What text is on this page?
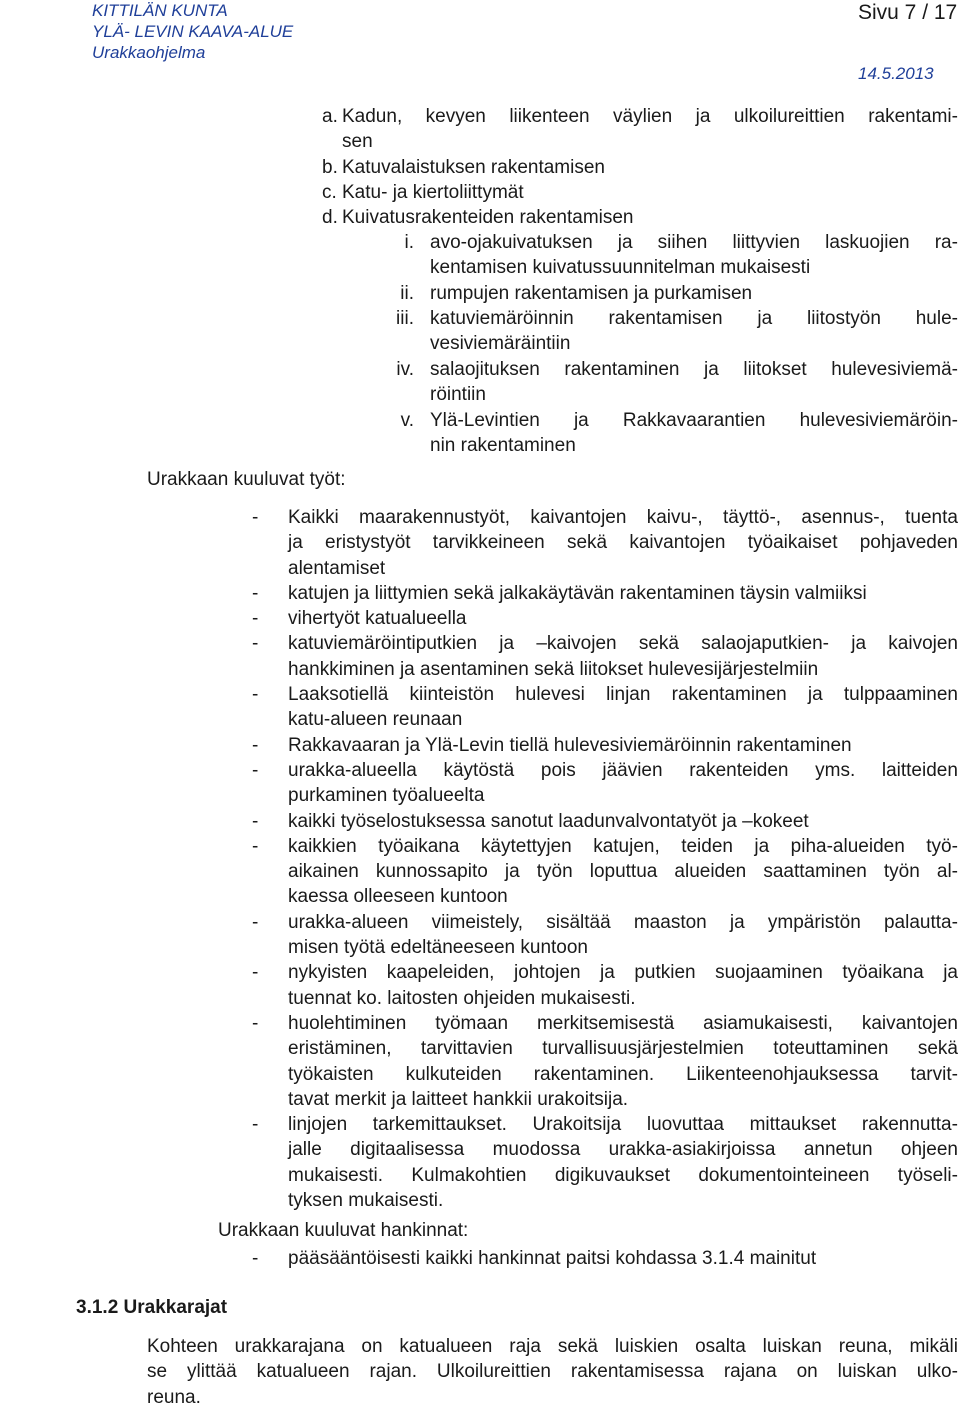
KITTILÄN KUNTA
YLÄ- LEVIN KAAVA-ALUE
Urakkaohjelma
Sivu 7 / 17
14.5.2013
a. Kadun, kevyen liikenteen väylien ja ulkoilureittien rakentami-
sen
b. Katuvalaistuksen rakentamisen
c. Katu- ja kiertoliittymät
d. Kuivatusrakenteiden rakentamisen
i. avo-ojakuivatuksen ja siihen liittyvien laskuojien ra-
kentamisen kuivatussuunnitelman mukaisesti
ii. rumpujen rakentamisen ja purkamisen
iii. katuviemäröinnin rakentamisen ja liitostyön hule-
vesiviemäräintiin
iv. salaojituksen rakentaminen ja liitokset hulevesiviemä-
röintiin
v. Ylä-Levintien ja Rakkavaarantien hulevesiviemäröin-
nin rakentaminen
Urakkaan kuuluvat työt:
- Kaikki maarakennustyöt, kaivantojen kaivu-, täyttö-, asennus-, tuenta
ja eristystyöt tarvikkeineen sekä kaivantojen työaikaiset pohjaveden
alentamiset
- katujen ja liittymien sekä jalkakäytävän rakentaminen täysin valmiiksi
- vihertyöt katualueella
- katuviemäröintiputkien ja –kaivojen sekä salaojaputkien- ja kaivojen
hankkiminen ja asentaminen sekä liitokset hulevesijärjestelmiin
- Laaksotiellä kiinteistön hulevesi linjan rakentaminen ja tulppaaminen
katu-alueen reunaan
- Rakkavaaran ja Ylä-Levin tiellä hulevesiviemäröinnin rakentaminen
- urakka-alueella käytöstä pois jäävien rakenteiden yms. laitteiden
purkaminen työalueelta
- kaikki työselostuksessa sanotut laadunvalvontatyöt ja –kokeet
- kaikkien työaikana käytettyjen katujen, teiden ja piha-alueiden työ-
aikainen kunnossapito ja työn loputtua alueiden saattaminen työn al-
kaessa olleeseen kuntoon
- urakka-alueen viimeistely, sisältää maaston ja ympäristön palautta-
misen työtä edeltäneeseen kuntoon
- nykyisten kaapeleiden, johtojen ja putkien suojaaminen työaikana ja
tuennat ko. laitosten ohjeiden mukaisesti.
- huolehtiminen työmaan merkitsemisestä asiamukaisesti, kaivantojen
eristäminen, tarvittavien turvallisuusjärjestelmien toteuttaminen sekä
työkaisten kulkuteiden rakentaminen. Liikenteenohjauksessa tarvit-
tavat merkit ja laitteet hankkii urakoitsija.
- linjojen tarkemittaukset. Urakoitsija luovuttaa mittaukset rakennutta-
jalle digitaalisessa muodossa urakka-asiakirjoissa annetun ohjeen
mukaisesti. Kulmakohtien digikuvaukset dokumentointeineen työseli-
tyksen mukaisesti.
Urakkaan kuuluvat hankinnat:
- pääsääntöisesti kaikki hankinnat paitsi kohdassa 3.1.4 mainitut
3.1.2 Urakkarajat
Kohteen urakkarajana on katualueen raja sekä luiskien osalta luiskan reuna, mikäli
se ylittää katualueen rajan. Ulkoilureittien rakentamisessa rajana on luiskan ulko-
reuna.
